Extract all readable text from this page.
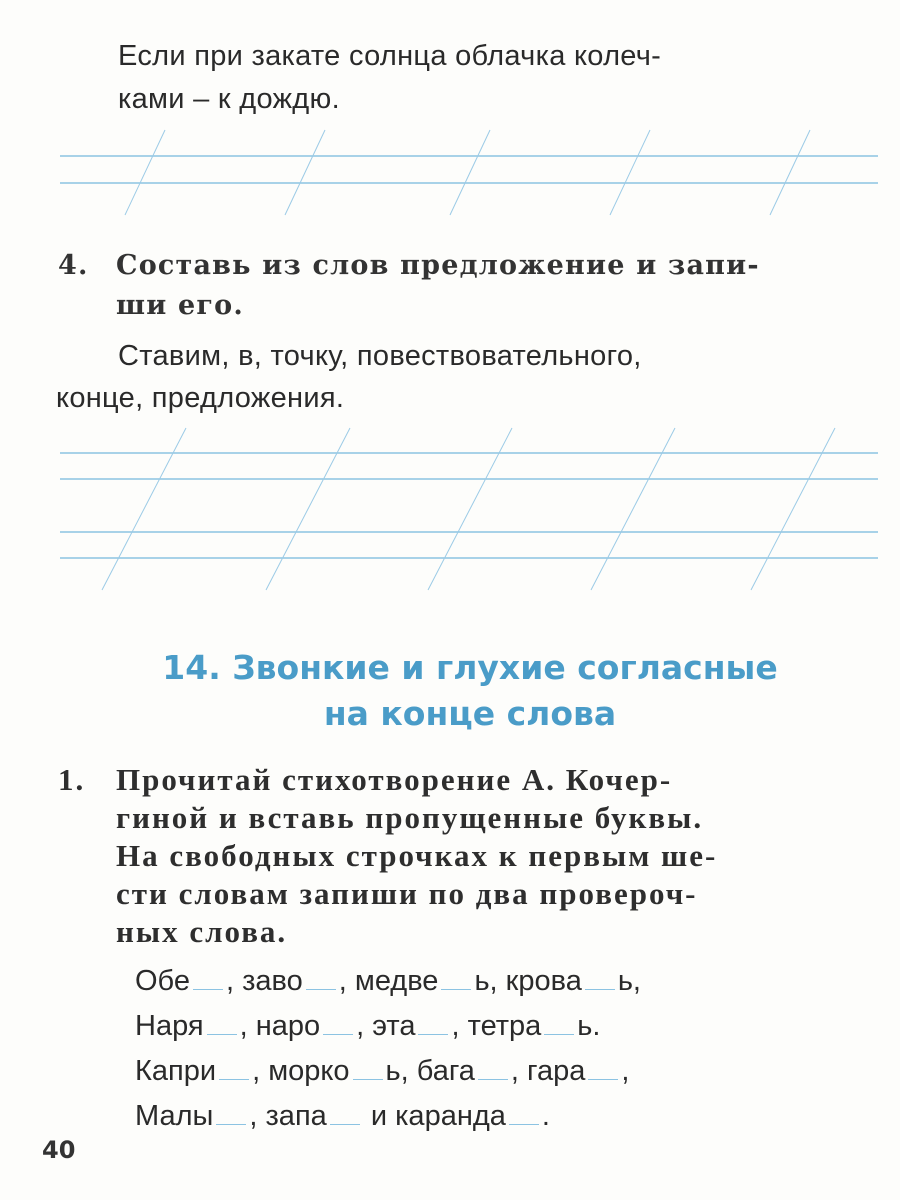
Если при закате солнца облачка колеч-
ками – к дождю.
4. Составь из слов предложение и запи-
ши его.
Ставим, в, точку, повествовательного,
конце, предложения.
14. Звонкие и глухие согласные
на конце слова
1. Прочитай стихотворение А. Кочер-
гиной и вставь пропущенные буквы.
На свободных строчках к первым ше-
сти словам запиши по два провероч-
ных слова.
Обе , заво , медве ь, крова ь,
Наря , наро , эта , тетра ь.
Капри , морко ь, бага , гара ,
Малы , запа и каранда .
40
